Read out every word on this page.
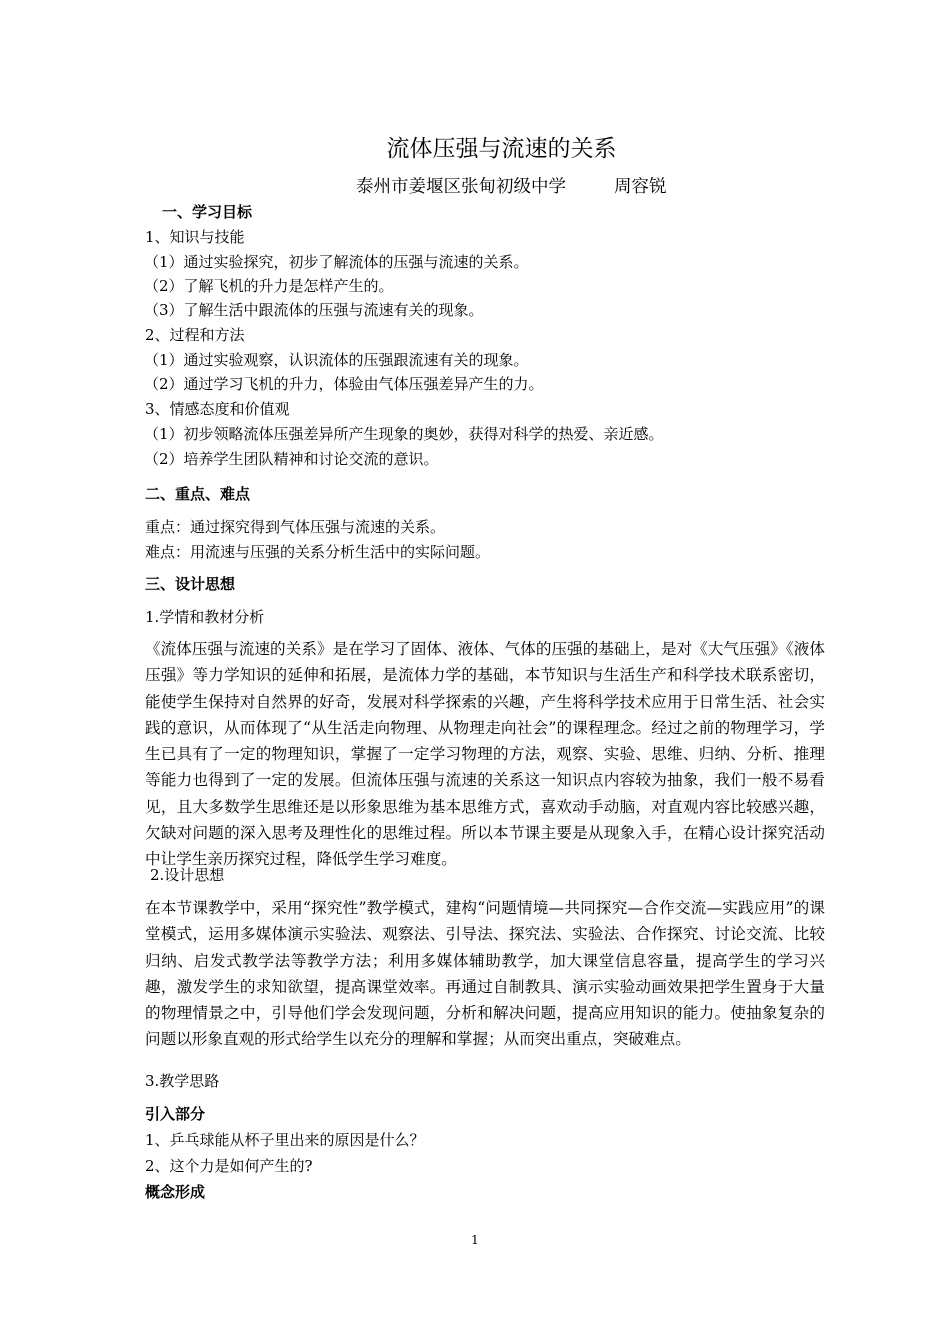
流体压强与流速的关系
泰州市姜堰区张甸初级中学	周容锐
一、学习目标
1、知识与技能
（1）通过实验探究，初步了解流体的压强与流速的关系。
（2）了解飞机的升力是怎样产生的。
（3）了解生活中跟流体的压强与流速有关的现象。
2、过程和方法
（1）通过实验观察，认识流体的压强跟流速有关的现象。
（2）通过学习飞机的升力，体验由气体压强差异产生的力。
3、情感态度和价值观
（1）初步领略流体压强差异所产生现象的奥妙，获得对科学的热爱、亲近感。
（2）培养学生团队精神和讨论交流的意识。
二、重点、难点
重点：通过探究得到气体压强与流速的关系。
难点：用流速与压强的关系分析生活中的实际问题。
三、设计思想
1.学情和教材分析
《流体压强与流速的关系》是在学习了固体、液体、气体的压强的基础上，是对《大气压强》《液体压强》等力学知识的延伸和拓展，是流体力学的基础，本节知识与生活生产和科学技术联系密切，能使学生保持对自然界的好奇，发展对科学探索的兴趣，产生将科学技术应用于日常生活、社会实践的意识，从而体现了“从生活走向物理、从物理走向社会”的课程理念。经过之前的物理学习，学生已具有了一定的物理知识，掌握了一定学习物理的方法，观察、实验、思维、归纳、分析、推理等能力也得到了一定的发展。但流体压强与流速的关系这一知识点内容较为抽象，我们一般不易看见，且大多数学生思维还是以形象思维为基本思维方式，喜欢动手动脑，对直观内容比较感兴趣，欠缺对问题的深入思考及理性化的思维过程。所以本节课主要是从现象入手，在精心设计探究活动中让学生亲历探究过程，降低学生学习难度。
2.设计思想
在本节课教学中，采用“探究性”教学模式，建构“问题情境—共同探究—合作交流—实践应用”的课堂模式，运用多媒体演示实验法、观察法、引导法、探究法、实验法、合作探究、讨论交流、比较归纳、启发式教学法等教学方法；利用多媒体辅助教学，加大课堂信息容量，提高学生的学习兴趣，激发学生的求知欲望，提高课堂效率。再通过自制教具、演示实验动画效果把学生置身于大量的物理情景之中，引导他们学会发现问题，分析和解决问题，提高应用知识的能力。使抽象复杂的问题以形象直观的形式给学生以充分的理解和掌握；从而突出重点，突破难点。
3.教学思路
引入部分
1、乒乓球能从杯子里出来的原因是什么？
2、这个力是如何产生的?
概念形成
1
